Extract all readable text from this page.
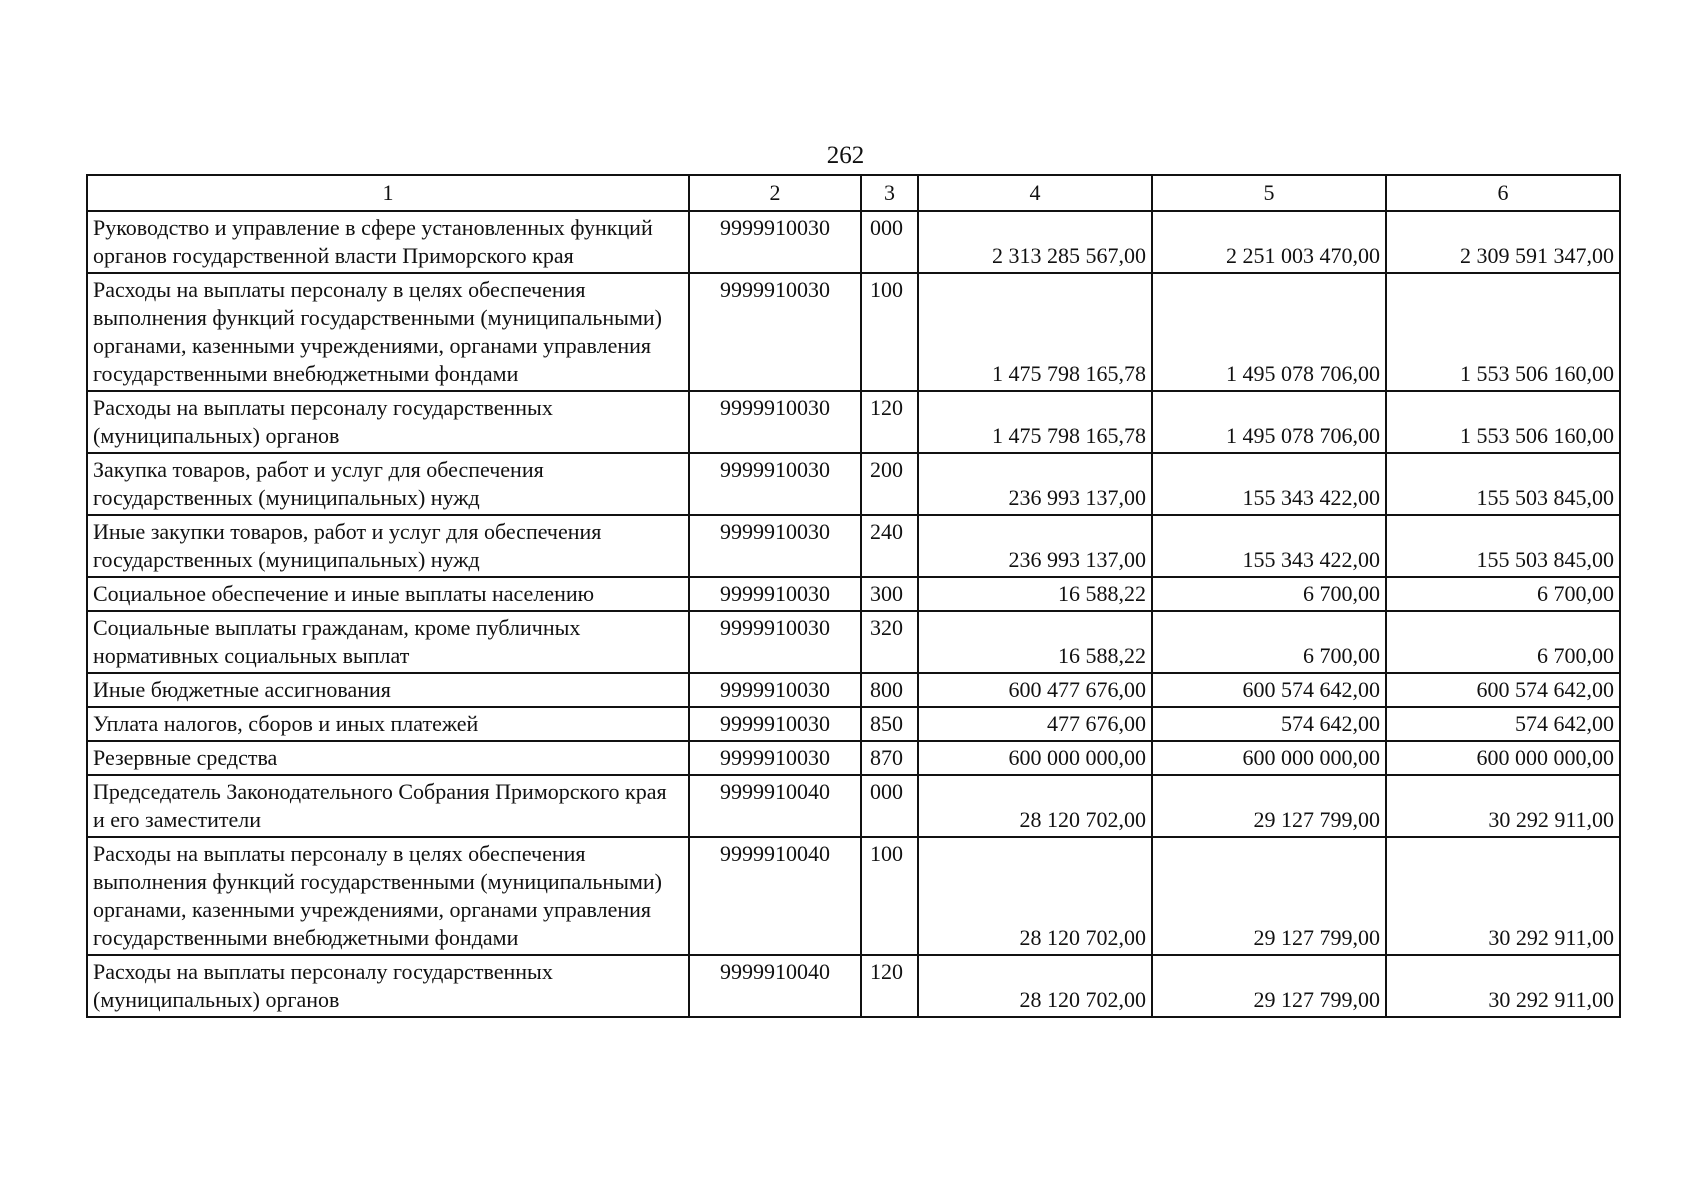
262
1	2	3	4	5	6
Руководство и управление в сфере установленных функций органов государственной власти Приморского края	9999910030	000	2 313 285 567,00	2 251 003 470,00	2 309 591 347,00
Расходы на выплаты персоналу в целях обеспечения выполнения функций государственными (муниципальными) органами, казенными учреждениями, органами управления государственными внебюджетными фондами	9999910030	100	1 475 798 165,78	1 495 078 706,00	1 553 506 160,00
Расходы на выплаты персоналу государственных (муниципальных) органов	9999910030	120	1 475 798 165,78	1 495 078 706,00	1 553 506 160,00
Закупка товаров, работ и услуг для обеспечения государственных (муниципальных) нужд	9999910030	200	236 993 137,00	155 343 422,00	155 503 845,00
Иные закупки товаров, работ и услуг для обеспечения государственных (муниципальных) нужд	9999910030	240	236 993 137,00	155 343 422,00	155 503 845,00
Социальное обеспечение и иные выплаты населению	9999910030	300	16 588,22	6 700,00	6 700,00
Социальные выплаты гражданам, кроме публичных нормативных социальных выплат	9999910030	320	16 588,22	6 700,00	6 700,00
Иные бюджетные ассигнования	9999910030	800	600 477 676,00	600 574 642,00	600 574 642,00
Уплата налогов, сборов и иных платежей	9999910030	850	477 676,00	574 642,00	574 642,00
Резервные средства	9999910030	870	600 000 000,00	600 000 000,00	600 000 000,00
Председатель Законодательного Собрания Приморского края и его заместители	9999910040	000	28 120 702,00	29 127 799,00	30 292 911,00
Расходы на выплаты персоналу в целях обеспечения выполнения функций государственными (муниципальными) органами, казенными учреждениями, органами управления государственными внебюджетными фондами	9999910040	100	28 120 702,00	29 127 799,00	30 292 911,00
Расходы на выплаты персоналу государственных (муниципальных) органов	9999910040	120	28 120 702,00	29 127 799,00	30 292 911,00
